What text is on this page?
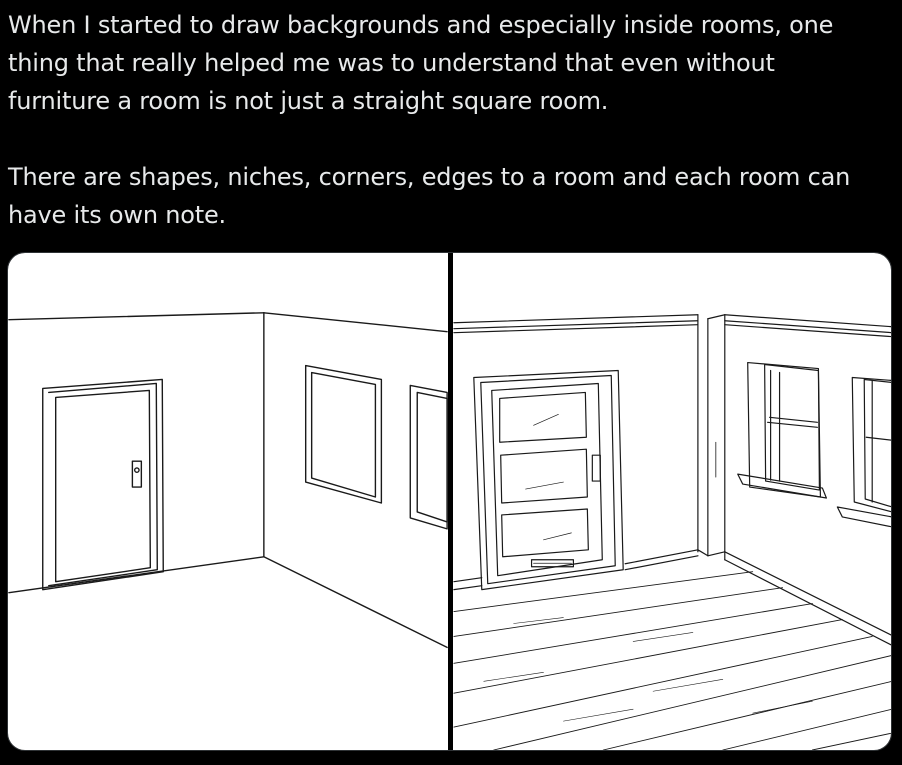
When I started to draw backgrounds and especially inside rooms, one
thing that really helped me was to understand that even without
furniture a room is not just a straight square room.

There are shapes, niches, corners, edges to a room and each room can
have its own note.
